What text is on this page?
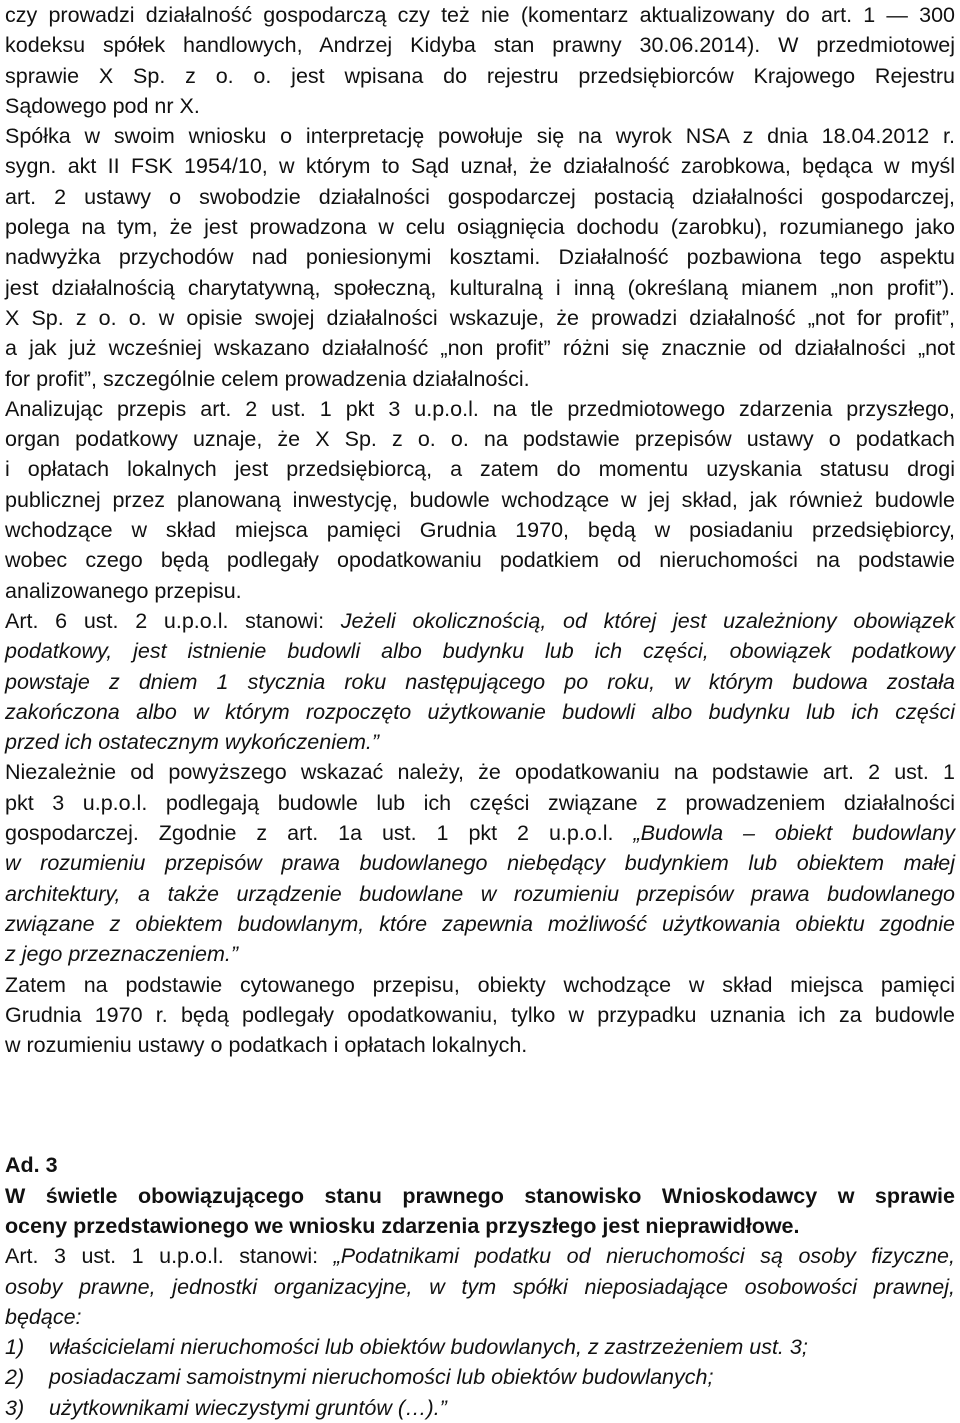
czy prowadzi działalność gospodarczą czy też nie (komentarz aktualizowany do art. 1 — 300
kodeksu spółek handlowych, Andrzej Kidyba stan prawny 30.06.2014). W przedmiotowej
sprawie X Sp. z o. o. jest wpisana do rejestru przedsiębiorców Krajowego Rejestru
Sądowego pod nr X.
Spółka w swoim wniosku o interpretację powołuje się na wyrok NSA z dnia 18.04.2012 r.
sygn. akt II FSK 1954/10, w którym to Sąd uznał, że działalność zarobkowa, będąca w myśl
art. 2 ustawy o swobodzie działalności gospodarczej postacią działalności gospodarczej,
polega na tym, że jest prowadzona w celu osiągnięcia dochodu (zarobku), rozumianego jako
nadwyżka przychodów nad poniesionymi kosztami. Działalność pozbawiona tego aspektu
jest działalnością charytatywną, społeczną, kulturalną i inną (określaną mianem „non profit”).
X Sp. z o. o. w opisie swojej działalności wskazuje, że prowadzi działalność „not for profit”,
a jak już wcześniej wskazano działalność „non profit” różni się znacznie od działalności „not
for profit”, szczególnie celem prowadzenia działalności.
Analizując przepis art. 2 ust. 1 pkt 3 u.p.o.l. na tle przedmiotowego zdarzenia przyszłego,
organ podatkowy uznaje, że X Sp. z o. o. na podstawie przepisów ustawy o podatkach
i opłatach lokalnych jest przedsiębiorcą, a zatem do momentu uzyskania statusu drogi
publicznej przez planowaną inwestycję, budowle wchodzące w jej skład, jak również budowle
wchodzące w skład miejsca pamięci Grudnia 1970, będą w posiadaniu przedsiębiorcy,
wobec czego będą podlegały opodatkowaniu podatkiem od nieruchomości na podstawie
analizowanego przepisu.
Art. 6 ust. 2 u.p.o.l. stanowi: Jeżeli okolicznością, od której jest uzależniony obowiązek
podatkowy, jest istnienie budowli albo budynku lub ich części, obowiązek podatkowy
powstaje z dniem 1 stycznia roku następującego po roku, w którym budowa została
zakończona albo w którym rozpoczęto użytkowanie budowli albo budynku lub ich części
przed ich ostatecznym wykończeniem.”
Niezależnie od powyższego wskazać należy, że opodatkowaniu na podstawie art. 2 ust. 1
pkt 3 u.p.o.l. podlegają budowle lub ich części związane z prowadzeniem działalności
gospodarczej. Zgodnie z art. 1a ust. 1 pkt 2 u.p.o.l. „Budowla – obiekt budowlany
w rozumieniu przepisów prawa budowlanego niebędący budynkiem lub obiektem małej
architektury, a także urządzenie budowlane w rozumieniu przepisów prawa budowlanego
związane z obiektem budowlanym, które zapewnia możliwość użytkowania obiektu zgodnie
z jego przeznaczeniem.”
Zatem na podstawie cytowanego przepisu, obiekty wchodzące w skład miejsca pamięci
Grudnia 1970 r. będą podlegały opodatkowaniu, tylko w przypadku uznania ich za budowle
w rozumieniu ustawy o podatkach i opłatach lokalnych.
Ad. 3
W świetle obowiązującego stanu prawnego stanowisko Wnioskodawcy w sprawie
oceny przedstawionego we wniosku zdarzenia przyszłego jest nieprawidłowe.
Art. 3 ust. 1 u.p.o.l. stanowi: „Podatnikami podatku od nieruchomości są osoby fizyczne,
osoby prawne, jednostki organizacyjne, w tym spółki nieposiadające osobowości prawnej,
będące:
1) właścicielami nieruchomości lub obiektów budowlanych, z zastrzeżeniem ust. 3;
2) posiadaczami samoistnymi nieruchomości lub obiektów budowlanych;
3) użytkownikami wieczystymi gruntów (…).”
